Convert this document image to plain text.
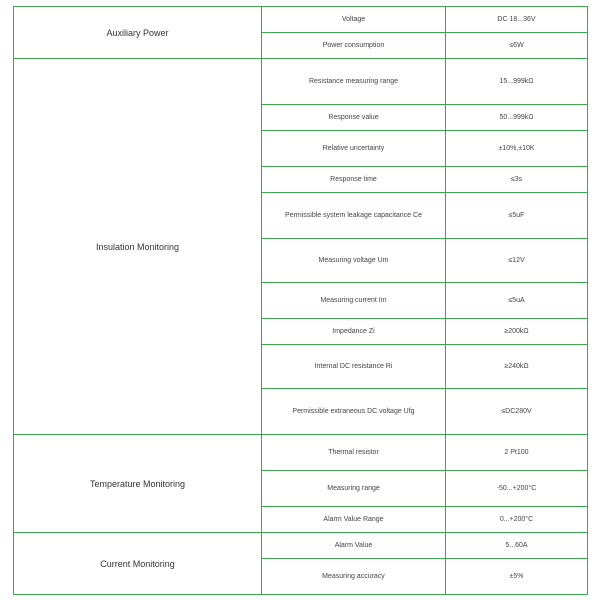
Auxiliary Power	Voltage	DC 18...36V
	Power consumption	≤6W
Insulation Monitoring	Resistance measuring range	15...999kΩ
	Response value	50...999kΩ
	Relative uncertainty	±10%,±10K
	Response time	≤3s
	Permissible system leakage capacitance Ce	≤5uF
	Measuring voltage Um	≤12V
	Measuring current Im	≤5uA
	Impedance Zi	≥200kΩ
	Internal DC resistance Ri	≥240kΩ
	Permissible extraneous DC voltage Ufg	≤DC280V
Temperature Monitoring	Thermal resistor	2 Pt100
	Measuring range	-50...+200°C
	Alarm Value Range	0...+200°C
Current Monitoring	Alarm Value	5...60A
	Measuring accuracy	±5%
